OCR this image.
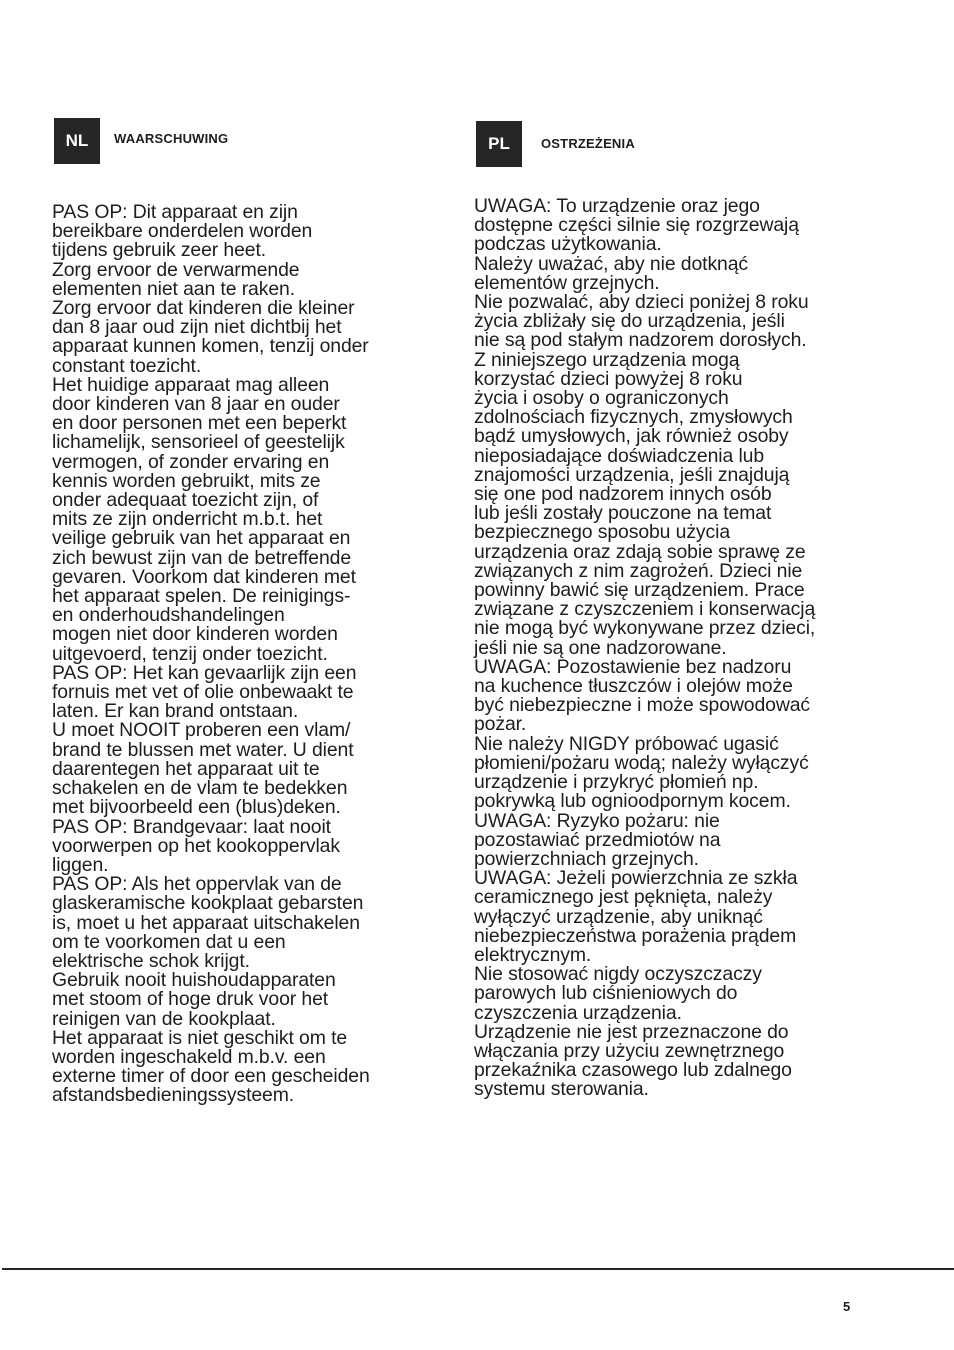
NL	WAARSCHUWING	PL	OSTRZEŻENIA
PAS OP: Dit apparaat en zijn
bereikbare onderdelen worden
tijdens gebruik zeer heet.
Zorg ervoor de verwarmende
elementen niet aan te raken.
Zorg ervoor dat kinderen die kleiner
dan 8 jaar oud zijn niet dichtbij het
apparaat kunnen komen, tenzij onder
constant toezicht.
Het huidige apparaat mag alleen
door kinderen van 8 jaar en ouder
en door personen met een beperkt
lichamelijk, sensorieel of geestelijk
vermogen, of zonder ervaring en
kennis worden gebruikt, mits ze
onder adequaat toezicht zijn, of
mits ze zijn onderricht m.b.t. het
veilige gebruik van het apparaat en
zich bewust zijn van de betreffende
gevaren. Voorkom dat kinderen met
het apparaat spelen. De reinigings-
en onderhoudshandelingen
mogen niet door kinderen worden
uitgevoerd, tenzij onder toezicht.
PAS OP: Het kan gevaarlijk zijn een
fornuis met vet of olie onbewaakt te
laten. Er kan brand ontstaan.
U moet NOOIT proberen een vlam/
brand te blussen met water. U dient
daarentegen het apparaat uit te
schakelen en de vlam te bedekken
met bijvoorbeeld een (blus)deken.
PAS OP: Brandgevaar: laat nooit
voorwerpen op het kookoppervlak
liggen.
PAS OP: Als het oppervlak van de
glaskeramische kookplaat gebarsten
is, moet u het apparaat uitschakelen
om te voorkomen dat u een
elektrische schok krijgt.
Gebruik nooit huishoudapparaten
met stoom of hoge druk voor het
reinigen van de kookplaat.
Het apparaat is niet geschikt om te
worden ingeschakeld m.b.v. een
externe timer of door een gescheiden
afstandsbedieningssysteem.
UWAGA: To urządzenie oraz jego
dostępne części silnie się rozgrzewają
podczas użytkowania.
Należy uważać, aby nie dotknąć
elementów grzejnych.
Nie pozwalać, aby dzieci poniżej 8 roku
życia zbliżały się do urządzenia, jeśli
nie są pod stałym nadzorem dorosłych.
Z niniejszego urządzenia mogą
korzystać dzieci powyżej 8 roku
życia i osoby o ograniczonych
zdolnościach fizycznych, zmysłowych
bądź umysłowych, jak również osoby
nieposiadające doświadczenia lub
znajomości urządzenia, jeśli znajdują
się one pod nadzorem innych osób
lub jeśli zostały pouczone na temat
bezpiecznego sposobu użycia
urządzenia oraz zdają sobie sprawę ze
związanych z nim zagrożeń. Dzieci nie
powinny bawić się urządzeniem. Prace
związane z czyszczeniem i konserwacją
nie mogą być wykonywane przez dzieci,
jeśli nie są one nadzorowane.
UWAGA: Pozostawienie bez nadzoru
na kuchence tłuszczów i olejów może
być niebezpieczne i może spowodować
pożar.
Nie należy NIGDY próbować ugasić
płomieni/pożaru wodą; należy wyłączyć
urządzenie i przykryć płomień np.
pokrywką lub ognioodpornym kocem.
UWAGA: Ryzyko pożaru: nie
pozostawiać przedmiotów na
powierzchniach grzejnych.
UWAGA: Jeżeli powierzchnia ze szkła
ceramicznego jest pęknięta, należy
wyłączyć urządzenie, aby uniknąć
niebezpieczeństwa porażenia prądem
elektrycznym.
Nie stosować nigdy oczyszczaczy
parowych lub ciśnieniowych do
czyszczenia urządzenia.
Urządzenie nie jest przeznaczone do
włączania przy użyciu zewnętrznego
przekaźnika czasowego lub zdalnego
systemu sterowania.
5
